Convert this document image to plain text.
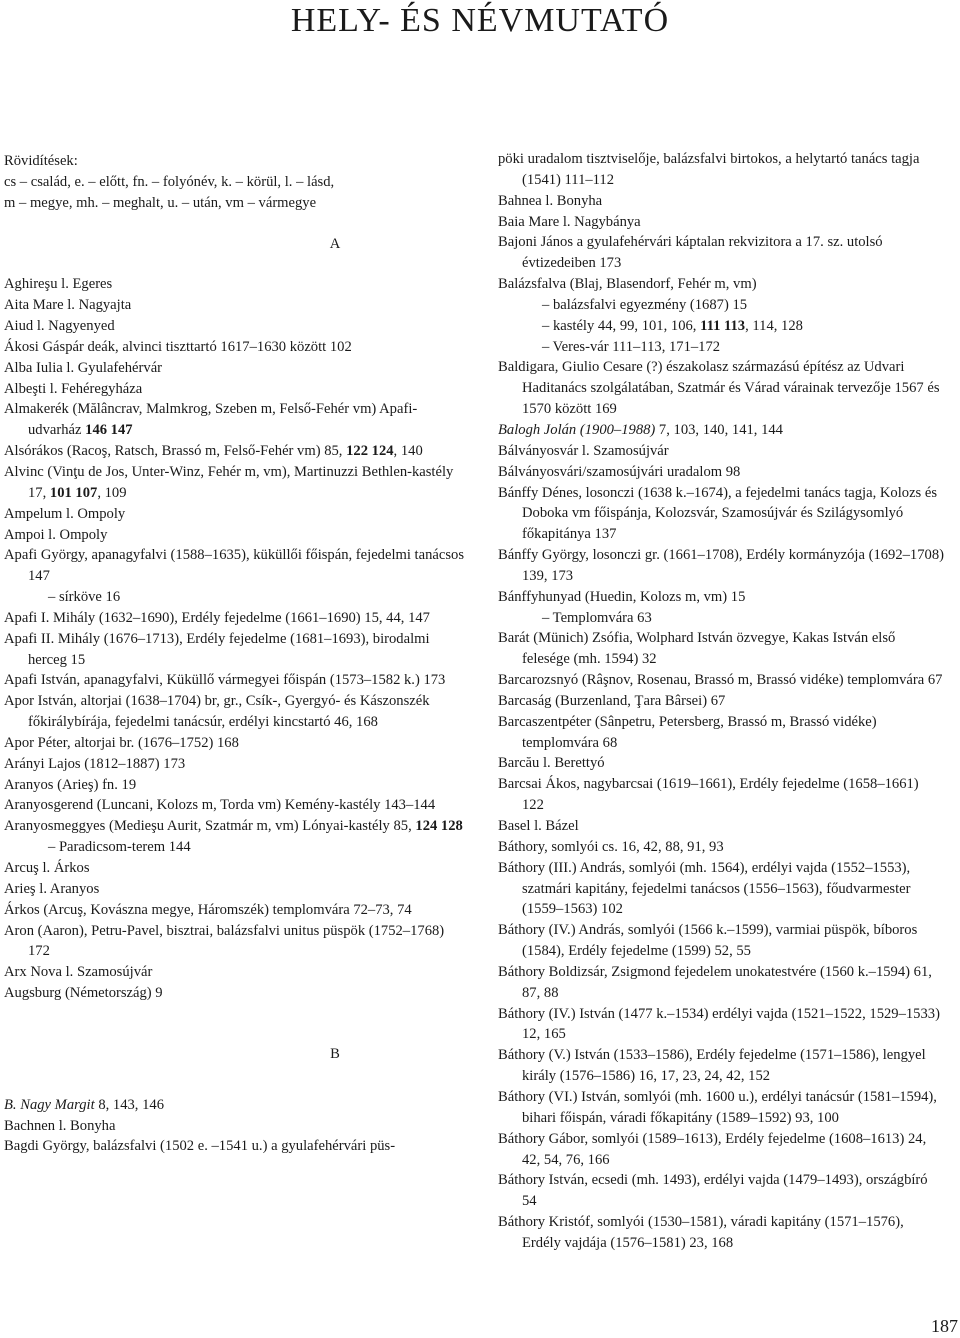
HELY- ÉS NÉVMUTATÓ
Rövidítések:
cs – család, e. – előtt, fn. – folyónév, k. – körül, l. – lásd,
m – megye, mh. – meghalt, u. – után, vm – vármegye
A

Aghireşu l. Egeres

Aita Mare l. Nagyajta

Aiud l. Nagyenyed

Ákosi Gáspár deák, alvinci tiszttartó 1617–1630 között 102

Alba Iulia l. Gyulafehérvár

Albeşti l. Fehéregyháza

Almakerék (Mălâncrav, Malmkrog, Szeben m, Felső-Fehér vm) Apafi-udvarház 146 147

Alsórákos (Racoş, Ratsch, Brassó m, Felső-Fehér vm) 85, 122 124, 140

Alvinc (Vinţu de Jos, Unter-Winz, Fehér m, vm), Martinuzzi Bethlen-kastély 17, 101 107, 109

Ampelum l. Ompoly

Ampoi l. Ompoly

Apafi György, apanagyfalvi (1588–1635), küküllői főispán, fejedelmi tanácsos 147

– sírköve 16

Apafi I. Mihály (1632–1690), Erdély fejedelme (1661–1690) 15, 44, 147

Apafi II. Mihály (1676–1713), Erdély fejedelme (1681–1693), birodalmi herceg 15

Apafi István, apanagyfalvi, Küküllő vármegyei főispán (1573–1582 k.) 173

Apor István, altorjai (1638–1704) br, gr., Csík-, Gyergyó- és Kászonszék főkirálybírája, fejedelmi tanácsúr, erdélyi kincstartó 46, 168

Apor Péter, altorjai br. (1676–1752) 168

Arányi Lajos (1812–1887) 173

Aranyos (Arieş) fn. 19

Aranyosgerend (Luncani, Kolozs m, Torda vm) Kemény-kastély 143–144

Aranyosmeggyes (Medieşu Aurit, Szatmár m, vm) Lónyai-kastély 85, 124 128

– Paradicsom-terem 144

Arcuş l. Árkos

Arieş l. Aranyos

Árkos (Arcuş, Kovászna megye, Háromszék) templomvára 72–73, 74

Aron (Aaron), Petru-Pavel, bisztrai, balázsfalvi unitus püspök (1752–1768) 172

Arx Nova l. Szamosújvár

Augsburg (Németország) 9

B

B. Nagy Margit 8, 143, 146

Bachnen l. Bonyha

Bagdi György, balázsfalvi (1502 e. –1541 u.) a gyulafehérvári püs-

pöki uradalom tisztviselője, balázsfalvi birtokos, a helytartó tanács tagja (1541) 111–112

Bahnea l. Bonyha

Baia Mare l. Nagybánya

Bajoni János a gyulafehérvári káptalan rekvizitora a 17. sz. utolsó évtizedeiben 173

Balázsfalva (Blaj, Blasendorf, Fehér m, vm)

– balázsfalvi egyezmény (1687) 15

– kastély 44, 99, 101, 106, 111 113, 114, 128

– Veres-vár 111–113, 171–172

Baldigara, Giulio Cesare (?) északolasz származású építész az Udvari Haditanács szolgálatában, Szatmár és Várad várainak tervezője 1567 és 1570 között 169

Balogh Jolán (1900–1988) 7, 103, 140, 141, 144

Bálványosvár l. Szamosújvár

Bálványosvári/szamosújvári uradalom 98

Bánffy Dénes, losonczi (1638 k.–1674), a fejedelmi tanács tagja, Kolozs és Doboka vm főispánja, Kolozsvár, Szamosújvár és Szilágysomlyó főkapitánya 137

Bánffy György, losonczi gr. (1661–1708), Erdély kormányzója (1692–1708) 139, 173

Bánffyhunyad (Huedin, Kolozs m, vm) 15

– Templomvára 63

Barát (Münich) Zsófia, Wolphard István özvegye, Kakas István első felesége (mh. 1594) 32

Barcarozsnyó (Râşnov, Rosenau, Brassó m, Brassó vidéke) templomvára 67

Barcaság (Burzenland, Ţara Bârsei) 67

Barcaszentpéter (Sânpetru, Petersberg, Brassó m, Brassó vidéke) templomvára 68

Barcău l. Berettyó

Barcsai Ákos, nagybarcsai (1619–1661), Erdély fejedelme (1658–1661) 122

Basel l. Bázel

Báthory, somlyói cs. 16, 42, 88, 91, 93

Báthory (III.) András, somlyói (mh. 1564), erdélyi vajda (1552–1553), szatmári kapitány, fejedelmi tanácsos (1556–1563), főudvarmester (1559–1563) 102

Báthory (IV.) András, somlyói (1566 k.–1599), varmiai püspök, bíboros (1584), Erdély fejedelme (1599) 52, 55

Báthory Boldizsár, Zsigmond fejedelem unokatestvére (1560 k.–1594) 61, 87, 88

Báthory (IV.) István (1477 k.–1534) erdélyi vajda (1521–1522, 1529–1533) 12, 165

Báthory (V.) István (1533–1586), Erdély fejedelme (1571–1586), lengyel király (1576–1586) 16, 17, 23, 24, 42, 152

Báthory (VI.) István, somlyói (mh. 1600 u.), erdélyi tanácsúr (1581–1594), bihari főispán, váradi főkapitány (1589–1592) 93, 100

Báthory Gábor, somlyói (1589–1613), Erdély fejedelme (1608–1613) 24, 42, 54, 76, 166

Báthory István, ecsedi (mh. 1493), erdélyi vajda (1479–1493), országbíró 54

Báthory Kristóf, somlyói (1530–1581), váradi kapitány (1571–1576), Erdély vajdája (1576–1581) 23, 168

187
